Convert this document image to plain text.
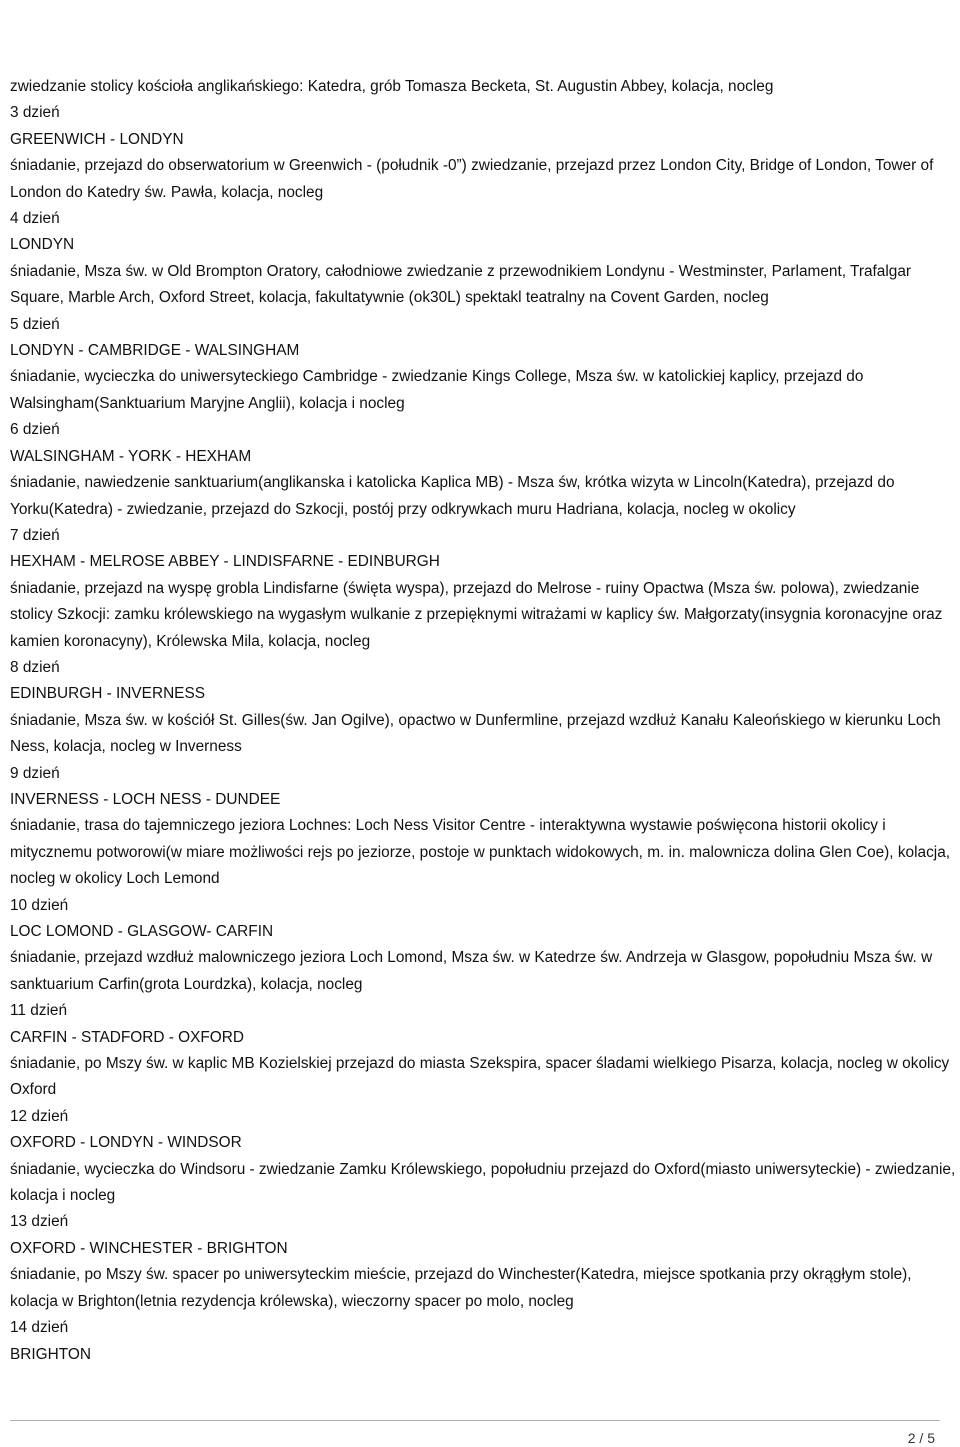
zwiedzanie stolicy kościoła anglikańskiego: Katedra, grób Tomasza Becketa, St. Augustin Abbey, kolacja, nocleg

3 dzień

GREENWICH - LONDYN

śniadanie, przejazd do obserwatorium w Greenwich - (południk -0”) zwiedzanie, przejazd przez London City, Bridge of London, Tower of London do Katedry św. Pawła, kolacja, nocleg

4 dzień

LONDYN

śniadanie, Msza św. w Old Brompton Oratory, całodniowe zwiedzanie z przewodnikiem Londynu - Westminster, Parlament, Trafalgar Square, Marble Arch, Oxford Street, kolacja, fakultatywnie (ok30L) spektakl teatralny na Covent Garden, nocleg

5 dzień

LONDYN - CAMBRIDGE - WALSINGHAM

śniadanie, wycieczka do uniwersyteckiego Cambridge - zwiedzanie Kings College, Msza św. w katolickiej kaplicy, przejazd do Walsingham(Sanktuarium Maryjne Anglii), kolacja i nocleg

6 dzień

WALSINGHAM - YORK - HEXHAM

śniadanie, nawiedzenie sanktuarium(anglikanska i katolicka Kaplica MB) - Msza św, krótka wizyta w Lincoln(Katedra), przejazd do Yorku(Katedra) - zwiedzanie, przejazd do Szkocji, postój przy odkrywkach muru Hadriana, kolacja, nocleg w okolicy

7 dzień

HEXHAM - MELROSE ABBEY - LINDISFARNE - EDINBURGH

śniadanie, przejazd na wyspę grobla Lindisfarne (święta wyspa), przejazd do Melrose - ruiny Opactwa (Msza św. polowa), zwiedzanie stolicy Szkocji: zamku królewskiego na wygasłym wulkanie z przepięknymi witrażami w kaplicy św. Małgorzaty(insygnia koronacyjne oraz kamien koronacyny), Królewska Mila, kolacja, nocleg

8 dzień

EDINBURGH - INVERNESS

śniadanie, Msza św. w kościół St. Gilles(św. Jan Ogilve), opactwo w Dunfermline, przejazd wzdłuż Kanału Kaleońskiego w kierunku Loch Ness, kolacja, nocleg w Inverness

9 dzień

INVERNESS - LOCH NESS - DUNDEE

śniadanie, trasa do tajemniczego jeziora Lochnes: Loch Ness Visitor Centre - interaktywna wystawie poświęcona historii okolicy i mitycznemu potworowi(w miare możliwości rejs po jeziorze, postoje w punktach widokowych, m. in. malownicza dolina Glen Coe), kolacja, nocleg w okolicy Loch Lemond

10 dzień

LOC LOMOND - GLASGOW- CARFIN

śniadanie, przejazd wzdłuż malowniczego jeziora Loch Lomond, Msza św. w Katedrze św. Andrzeja w Glasgow, popołudniu Msza św. w sanktuarium Carfin(grota Lourdzka), kolacja, nocleg

11 dzień

CARFIN - STADFORD - OXFORD

śniadanie, po Mszy św. w kaplic MB Kozielskiej przejazd do miasta Szekspira, spacer śladami wielkiego Pisarza, kolacja, nocleg w okolicy Oxford

12 dzień

OXFORD - LONDYN - WINDSOR

śniadanie, wycieczka do Windsoru - zwiedzanie Zamku Królewskiego, popołudniu przejazd do Oxford(miasto uniwersyteckie) - zwiedzanie, kolacja i nocleg

13 dzień

OXFORD - WINCHESTER - BRIGHTON

śniadanie, po Mszy św. spacer po uniwersyteckim mieście, przejazd do Winchester(Katedra, miejsce spotkania przy okrągłym stole), kolacja w Brighton(letnia rezydencja królewska), wieczorny spacer po molo, nocleg

14 dzień

BRIGHTON

2 / 5
